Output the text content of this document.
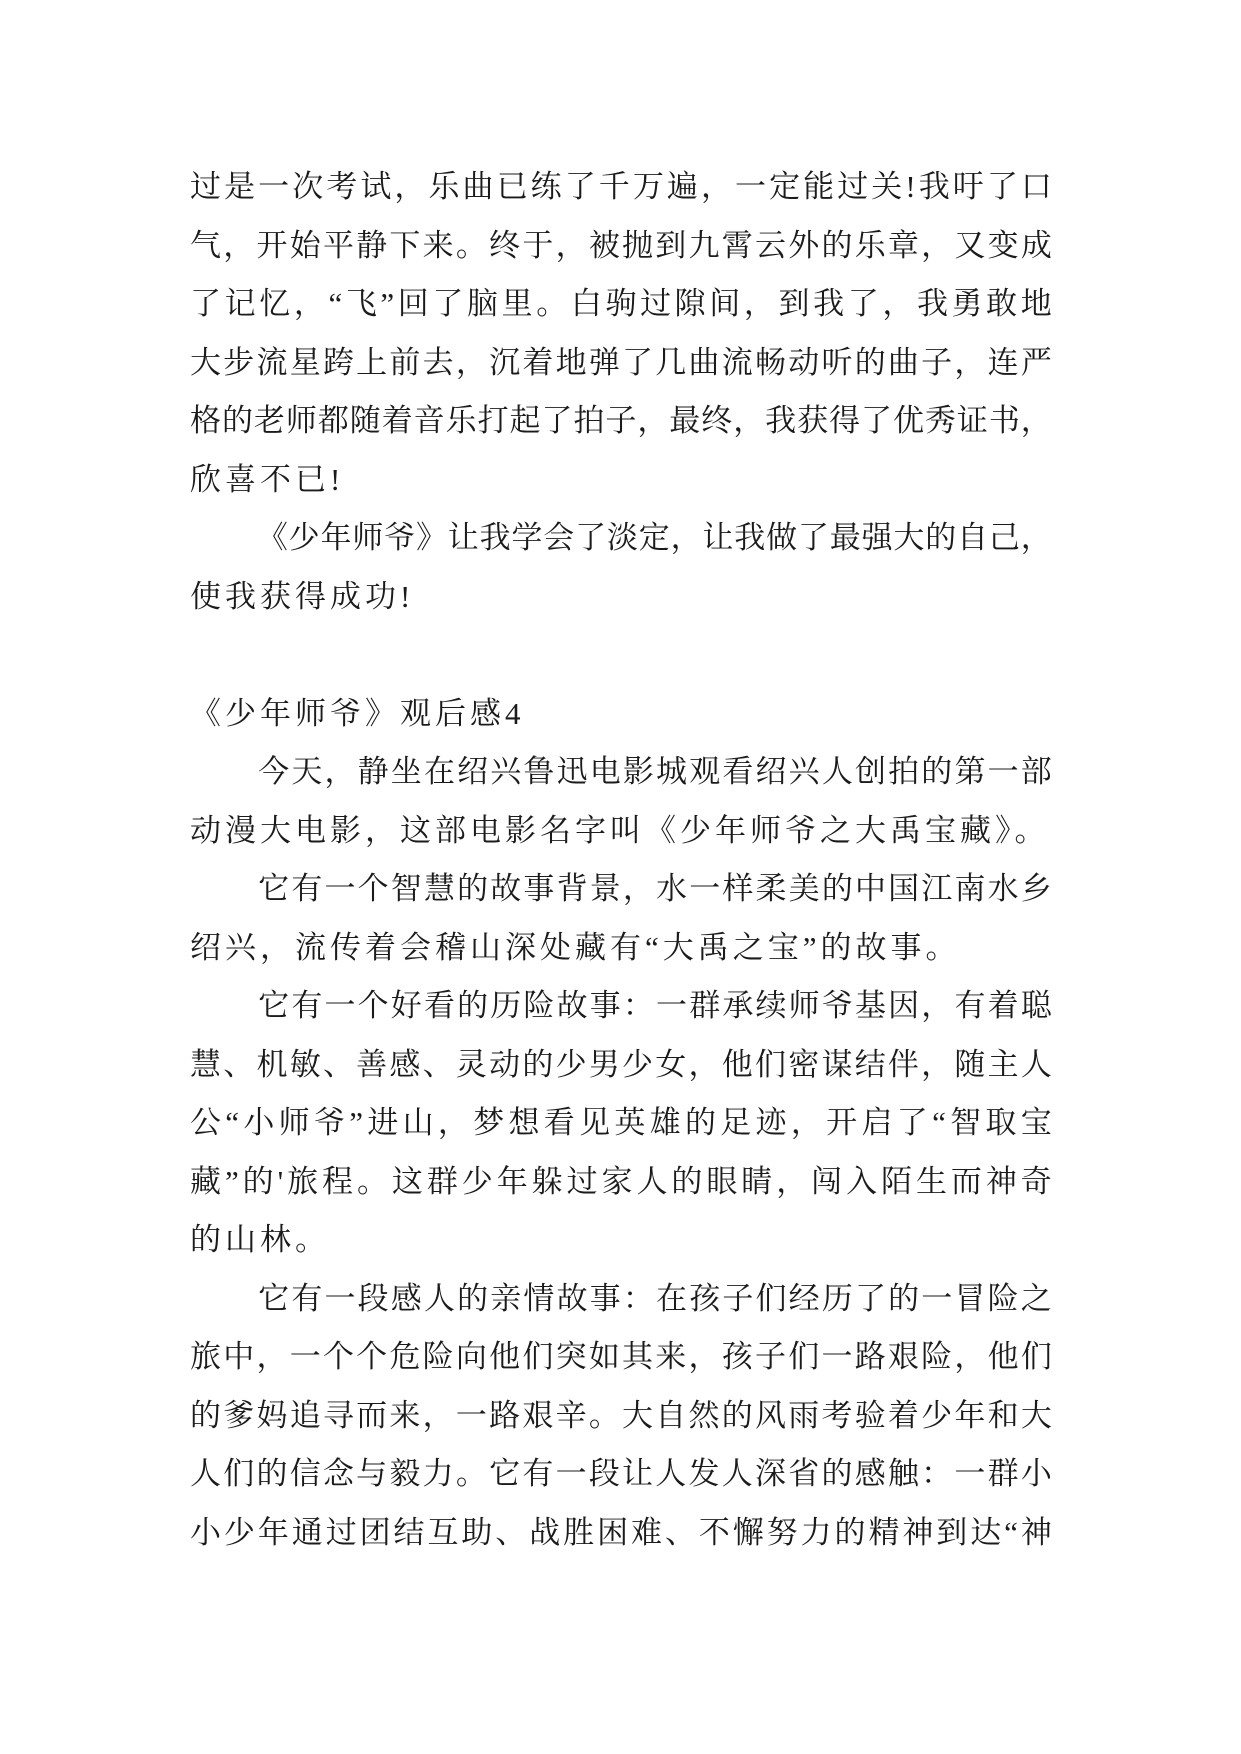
过 是 一 次 考 试 ， 乐 曲 已 练 了 千 万 遍 ， 一 定 能 过 关 ! 我 吁 了 口
气 ， 开 始 平 静 下 来 。 终 于 ， 被 抛 到 九 霄 云 外 的 乐 章 ， 又 变 成
了 记 忆 ， “ 飞 ” 回 了 脑 里 。 白 驹 过 隙 间 ， 到 我 了 ， 我 勇 敢 地
大 步 流 星 跨 上 前 去 ， 沉 着 地 弹 了 几 曲 流 畅 动 听 的 曲 子 ， 连 严
格 的 老 师 都 随 着 音 乐 打 起 了 拍 子 ， 最 终 ， 我 获 得 了 优 秀 证 书 ，
欣喜不已!
《 少 年 师 爷 》 让 我 学 会 了 淡 定 ， 让 我 做 了 最 强 大 的 自 己 ，
使我获得成功!
《少年师爷》观后感4
今 天 ， 静 坐 在 绍 兴 鲁 迅 电 影 城 观 看 绍 兴 人 创 拍 的 第 一 部
动漫大电影，这部电影名字叫《少年师爷之大禹宝藏》。
它 有 一 个 智 慧 的 故 事 背 景 ， 水 一 样 柔 美 的 中 国 江 南 水 乡
绍兴，流传着会稽山深处藏有“大禹之宝”的故事。
它 有 一 个 好 看 的 历 险 故 事 ： 一 群 承 续 师 爷 基 因 ， 有 着 聪
慧 、 机 敏 、 善 感 、 灵 动 的 少 男 少 女 ， 他 们 密 谋 结 伴 ， 随 主 人
公 “ 小 师 爷 ” 进 山 ， 梦 想 看 见 英 雄 的 足 迹 ， 开 启 了 “ 智 取 宝
藏 ” 的 ' 旅 程 。 这 群 少 年 躲 过 家 人 的 眼 睛 ， 闯 入 陌 生 而 神 奇
的山林。
它 有 一 段 感 人 的 亲 情 故 事 ： 在 孩 子 们 经 历 了 的 一 冒 险 之
旅 中 ， 一 个 个 危 险 向 他 们 突 如 其 来 ， 孩 子 们 一 路 艰 险 ， 他 们
的 爹 妈 追 寻 而 来 ， 一 路 艰 辛 。 大 自 然 的 风 雨 考 验 着 少 年 和 大
人 们 的 信 念 与 毅 力 。 它 有 一 段 让 人 发 人 深 省 的 感 触 ： 一 群 小
小 少 年 通 过 团 结 互 助 、 战 胜 困 难 、 不 懈 努 力 的 精 神 到 达 “ 神
